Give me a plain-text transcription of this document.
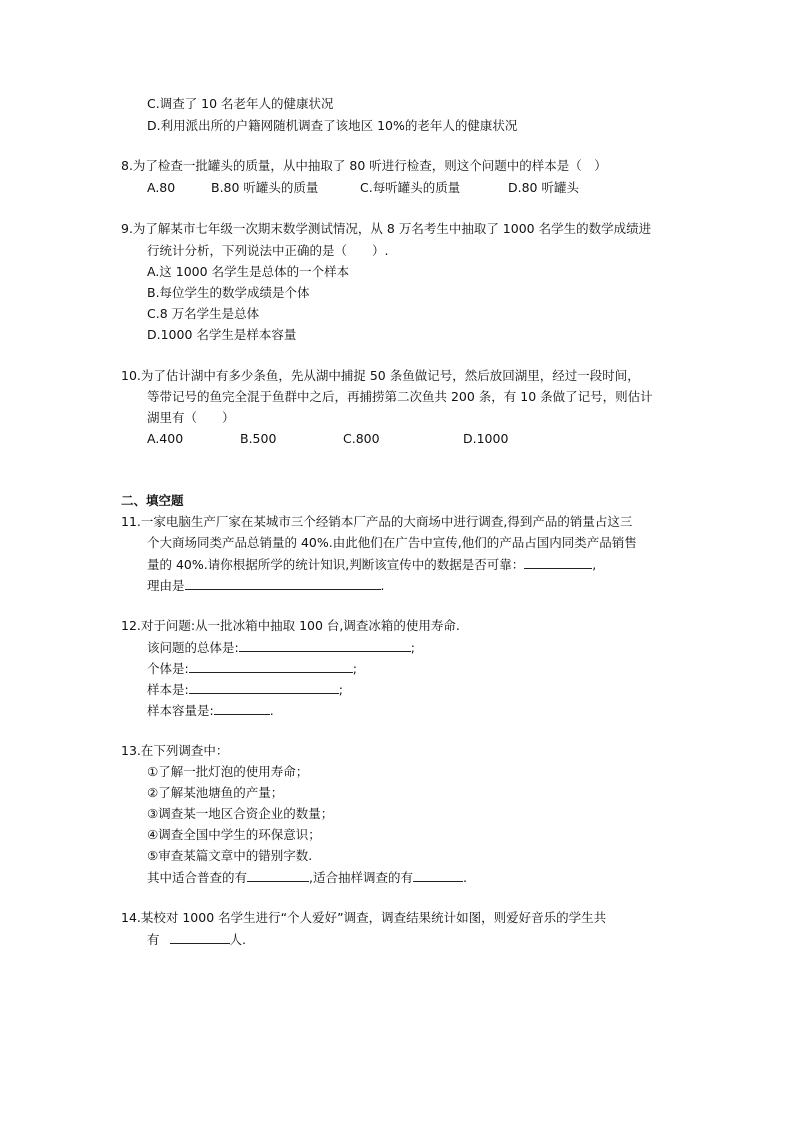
C.调查了 10 名老年人的健康状况
D.利用派出所的户籍网随机调查了该地区 10%的老年人的健康状况
8.为了检查一批罐头的质量，从中抽取了 80 听进行检查，则这个问题中的样本是（　）
A.80	B.80 听罐头的质量	C.每听罐头的质量	D.80 听罐头
9.为了解某市七年级一次期末数学测试情况，从 8 万名考生中抽取了 1000 名学生的数学成绩进
行统计分析，下列说法中正确的是（　　）.
A.这 1000 名学生是总体的一个样本
B.每位学生的数学成绩是个体
C.8 万名学生是总体
D.1000 名学生是样本容量
10.为了估计湖中有多少条鱼，先从湖中捕捉 50 条鱼做记号，然后放回湖里，经过一段时间，
等带记号的鱼完全混于鱼群中之后，再捕捞第二次鱼共 200 条，有 10 条做了记号，则估计
湖里有（　　）
A.400	B.500	C.800	D.1000
二、填空题
11.一家电脑生产厂家在某城市三个经销本厂产品的大商场中进行调查,得到产品的销量占这三
个大商场同类产品总销量的 40%.由此他们在广告中宣传,他们的产品占国内同类产品销售
量的 40%.请你根据所学的统计知识,判断该宣传中的数据是否可靠：	,
理由是	.
12.对于问题:从一批冰箱中抽取 100 台,调查冰箱的使用寿命.
该问题的总体是:	;
个体是:	;
样本是:	;
样本容量是:	.
13.在下列调查中：
①了解一批灯泡的使用寿命；
②了解某池塘鱼的产量；
③调查某一地区合资企业的数量；
④调查全国中学生的环保意识；
⑤审查某篇文章中的错别字数.
其中适合普查的有	,适合抽样调查的有	.
14.某校对 1000 名学生进行“个人爱好”调查，调查结果统计如图，则爱好音乐的学生共
有	人.
